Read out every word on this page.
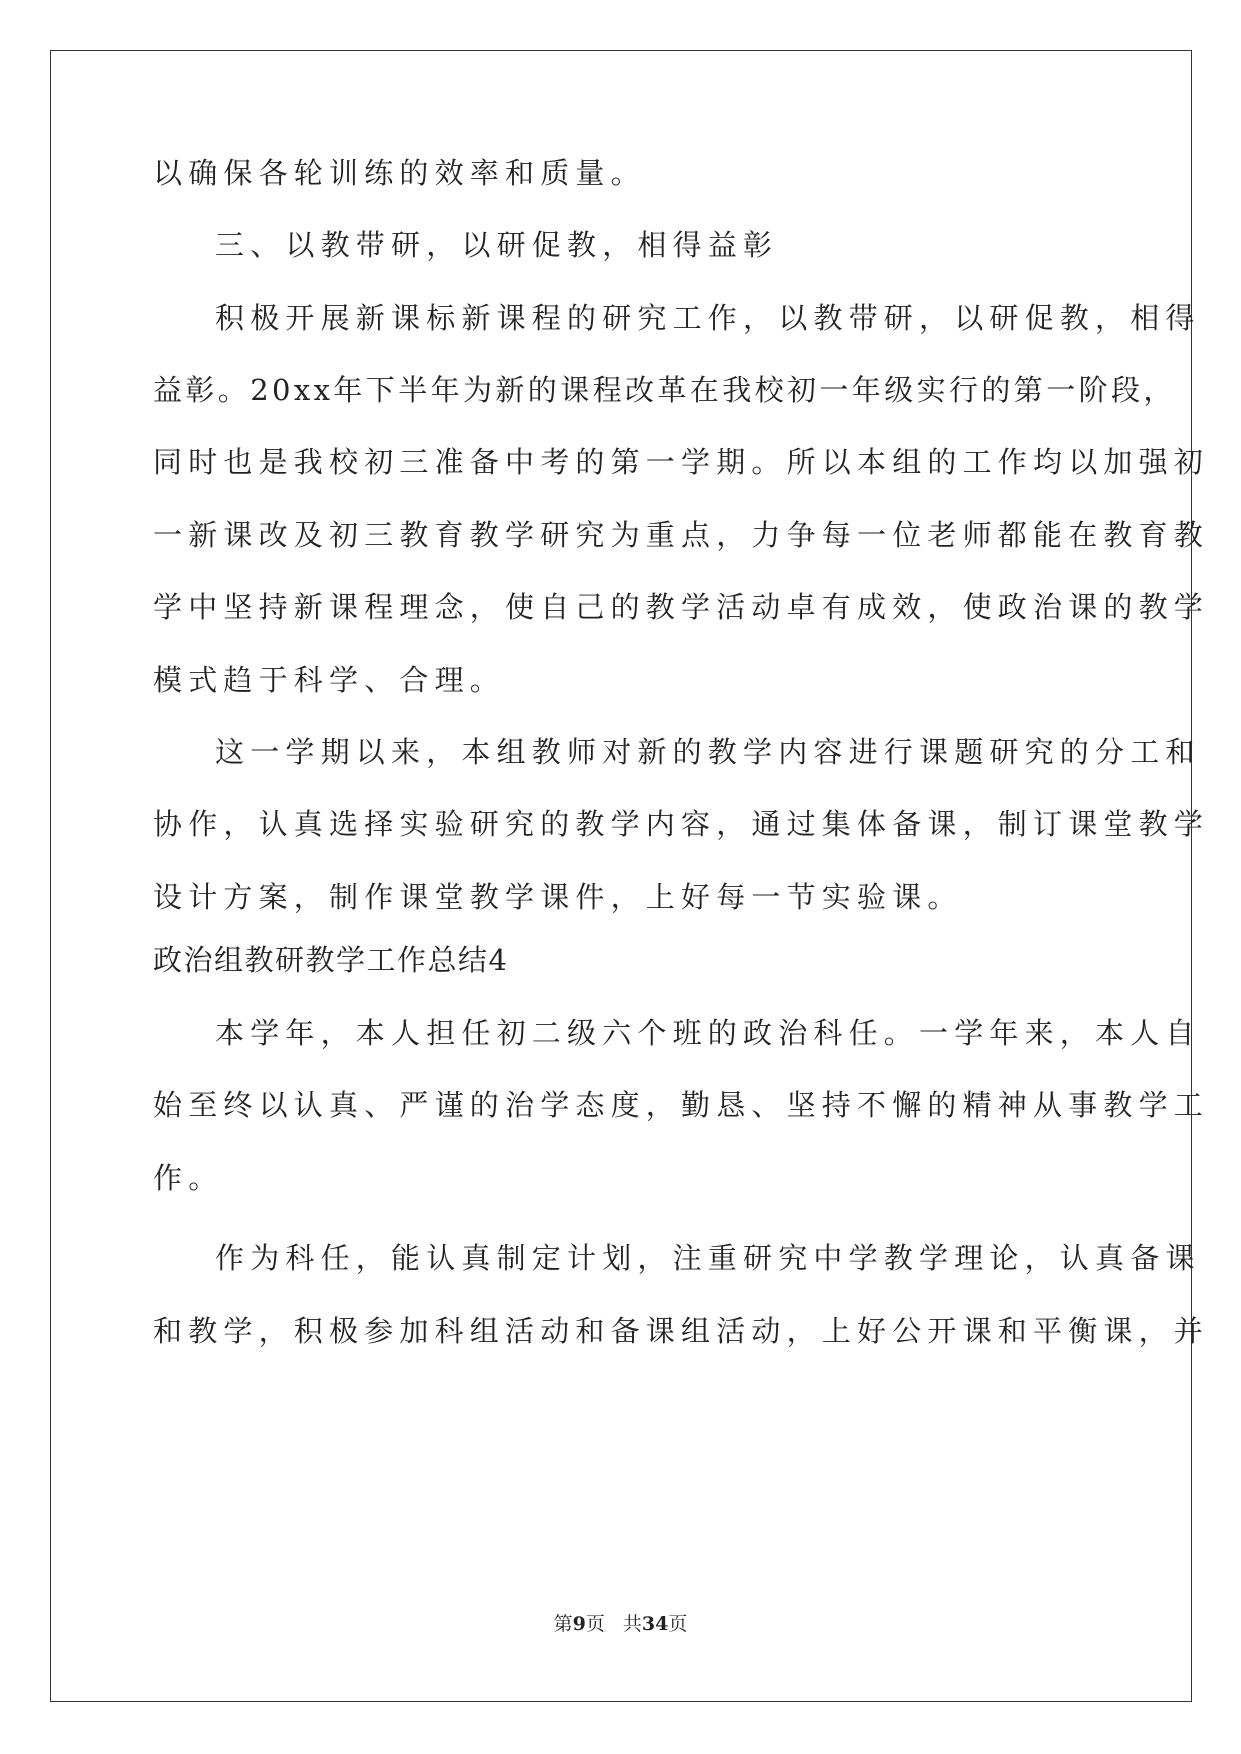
以确保各轮训练的效率和质量。
三、以教带研，以研促教，相得益彰
积极开展新课标新课程的研究工作，以教带研，以研促教，相得
益彰。20xx年下半年为新的课程改革在我校初一年级实行的第一阶段，
同时也是我校初三准备中考的第一学期。所以本组的工作均以加强初
一新课改及初三教育教学研究为重点，力争每一位老师都能在教育教
学中坚持新课程理念，使自己的教学活动卓有成效，使政治课的教学
模式趋于科学、合理。
这一学期以来，本组教师对新的教学内容进行课题研究的分工和
协作，认真选择实验研究的教学内容，通过集体备课，制订课堂教学
设计方案，制作课堂教学课件，上好每一节实验课。
政治组教研教学工作总结4
本学年，本人担任初二级六个班的政治科任。一学年来，本人自
始至终以认真、严谨的治学态度，勤恳、坚持不懈的精神从事教学工
作。
作为科任，能认真制定计划，注重研究中学教学理论，认真备课
和教学，积极参加科组活动和备课组活动，上好公开课和平衡课，并
第9页 共34页
